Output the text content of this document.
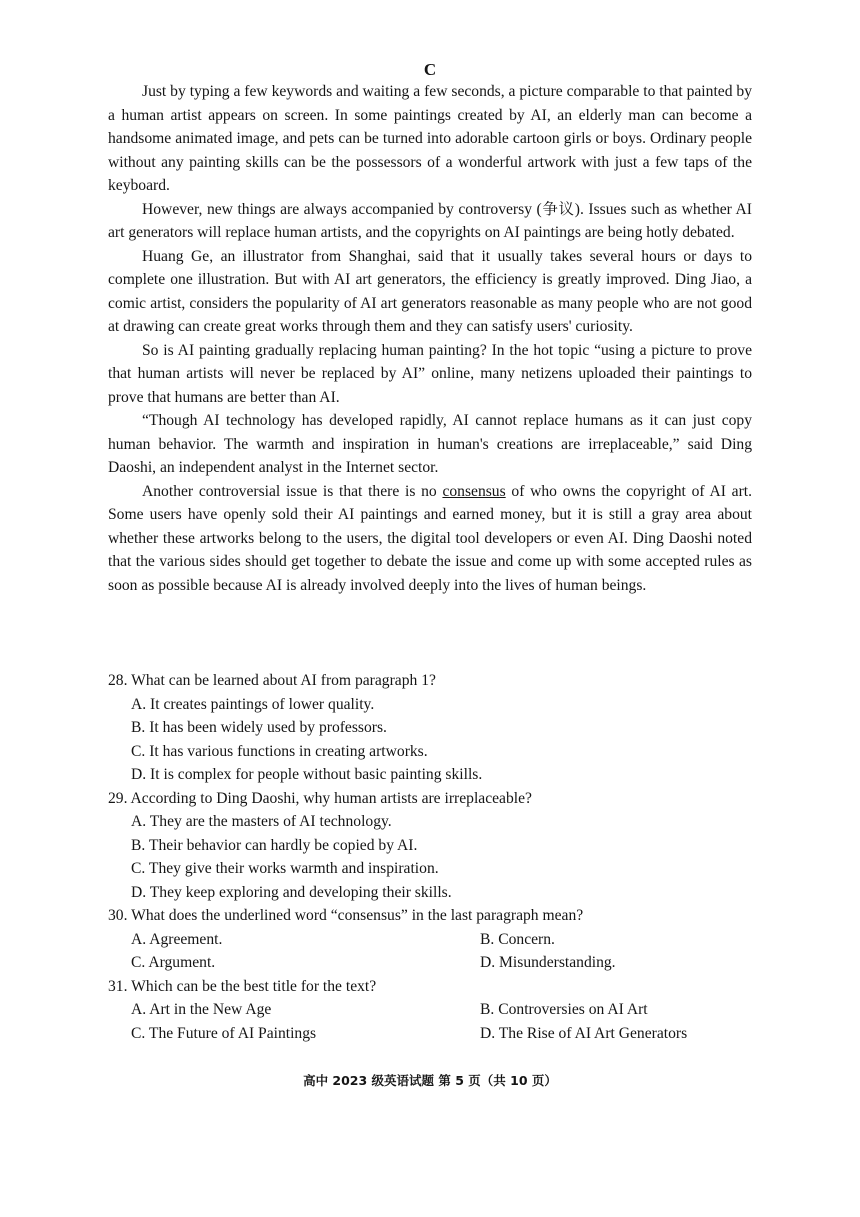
C

Just by typing a few keywords and waiting a few seconds, a picture comparable to that painted by a human artist appears on screen. In some paintings created by AI, an elderly man can become a handsome animated image, and pets can be turned into adorable cartoon girls or boys. Ordinary people without any painting skills can be the possessors of a wonderful artwork with just a few taps of the keyboard.

However, new things are always accompanied by controversy (争议). Issues such as whether AI art generators will replace human artists, and the copyrights on AI paintings are being hotly debated.

Huang Ge, an illustrator from Shanghai, said that it usually takes several hours or days to complete one illustration. But with AI art generators, the efficiency is greatly improved. Ding Jiao, a comic artist, considers the popularity of AI art generators reasonable as many people who are not good at drawing can create great works through them and they can satisfy users' curiosity.

So is AI painting gradually replacing human painting? In the hot topic “using a picture to prove that human artists will never be replaced by AI” online, many netizens uploaded their paintings to prove that humans are better than AI.

“Though AI technology has developed rapidly, AI cannot replace humans as it can just copy human behavior. The warmth and inspiration in human's creations are irreplaceable,” said Ding Daoshi, an independent analyst in the Internet sector.

Another controversial issue is that there is no consensus of who owns the copyright of AI art. Some users have openly sold their AI paintings and earned money, but it is still a gray area about whether these artworks belong to the users, the digital tool developers or even AI. Ding Daoshi noted that the various sides should get together to debate the issue and come up with some accepted rules as soon as possible because AI is already involved deeply into the lives of human beings.

28. What can be learned about AI from paragraph 1?

A. It creates paintings of lower quality.

B. It has been widely used by professors.

C. It has various functions in creating artworks.

D. It is complex for people without basic painting skills.

29. According to Ding Daoshi, why human artists are irreplaceable?

A. They are the masters of AI technology.

B. Their behavior can hardly be copied by AI.

C. They give their works warmth and inspiration.

D. They keep exploring and developing their skills.

30. What does the underlined word “consensus” in the last paragraph mean?

A. Agreement.	B. Concern.
C. Argument.	D. Misunderstanding.

31. Which can be the best title for the text?

A. Art in the New Age	B. Controversies on AI Art
C. The Future of AI Paintings	D. The Rise of AI Art Generators
高中 2023 级英语试题 第 5 页（共 10 页）
